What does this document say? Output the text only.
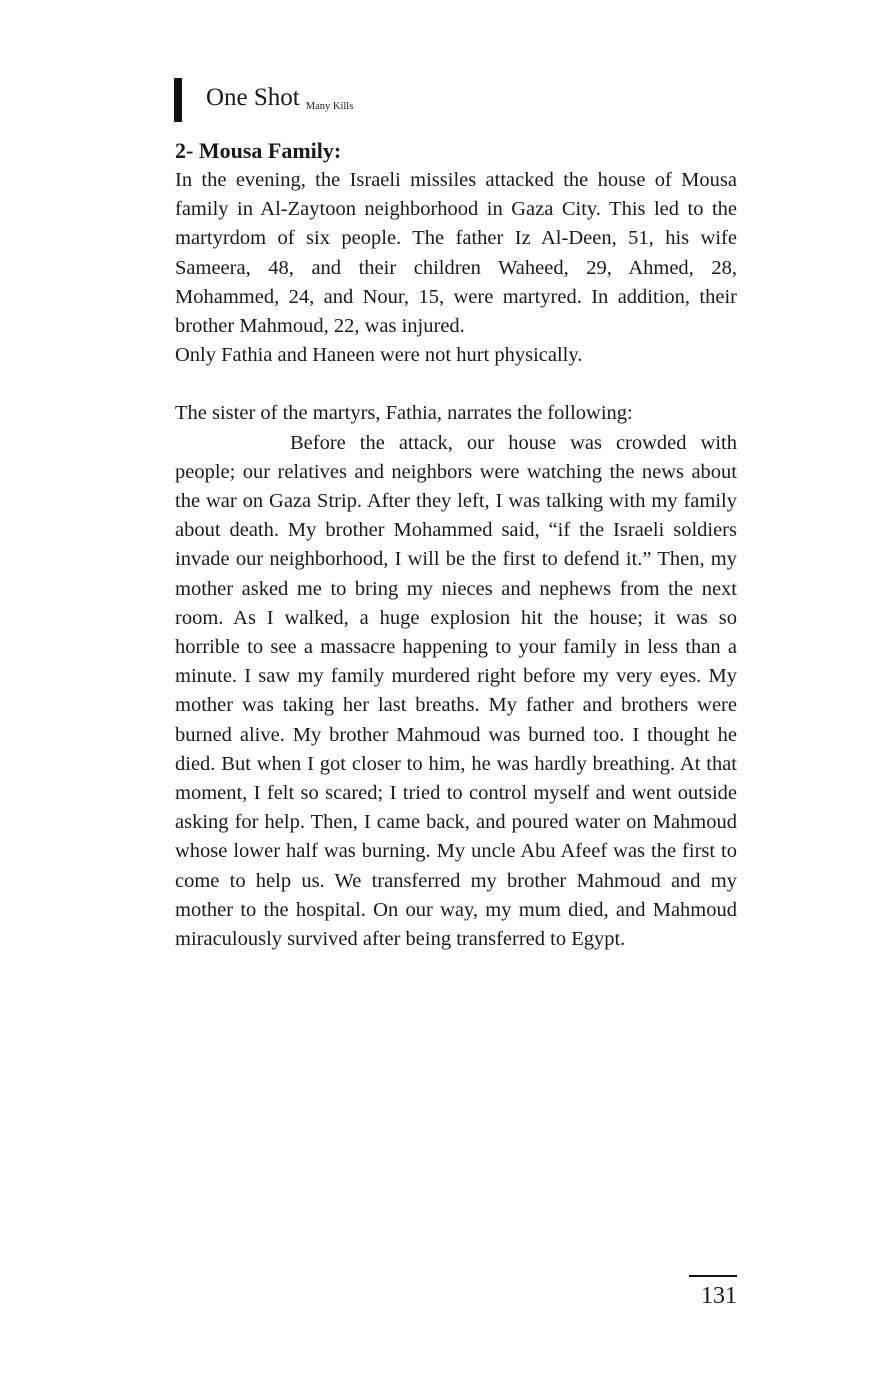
One Shot Many Kills
2- Mousa Family:

In the evening, the Israeli missiles attacked the house of Mousa family in Al-Zaytoon neighborhood in Gaza City. This led to the martyrdom of six people. The father Iz Al-Deen, 51, his wife Sameera, 48, and their children Waheed, 29, Ahmed, 28, Mohammed, 24, and Nour, 15, were martyred. In addition, their brother Mahmoud, 22, was injured.

Only Fathia and Haneen were not hurt physically.

The sister of the martyrs, Fathia, narrates the following:

Before the attack, our house was crowded with people; our relatives and neighbors were watching the news about the war on Gaza Strip. After they left, I was talking with my family about death. My brother Mohammed said, “if the Israeli soldiers invade our neighborhood, I will be the first to defend it.” Then, my mother asked me to bring my nieces and nephews from the next room. As I walked, a huge explosion hit the house; it was so horrible to see a massacre happening to your family in less than a minute. I saw my family murdered right before my very eyes. My mother was taking her last breaths. My father and brothers were burned alive. My brother Mahmoud was burned too. I thought he died. But when I got closer to him, he was hardly breathing. At that moment, I felt so scared; I tried to control myself and went outside asking for help. Then, I came back, and poured water on Mahmoud whose lower half was burning. My uncle Abu Afeef was the first to come to help us. We transferred my brother Mahmoud and my mother to the hospital. On our way, my mum died, and Mahmoud miraculously survived after being transferred to Egypt.

131
